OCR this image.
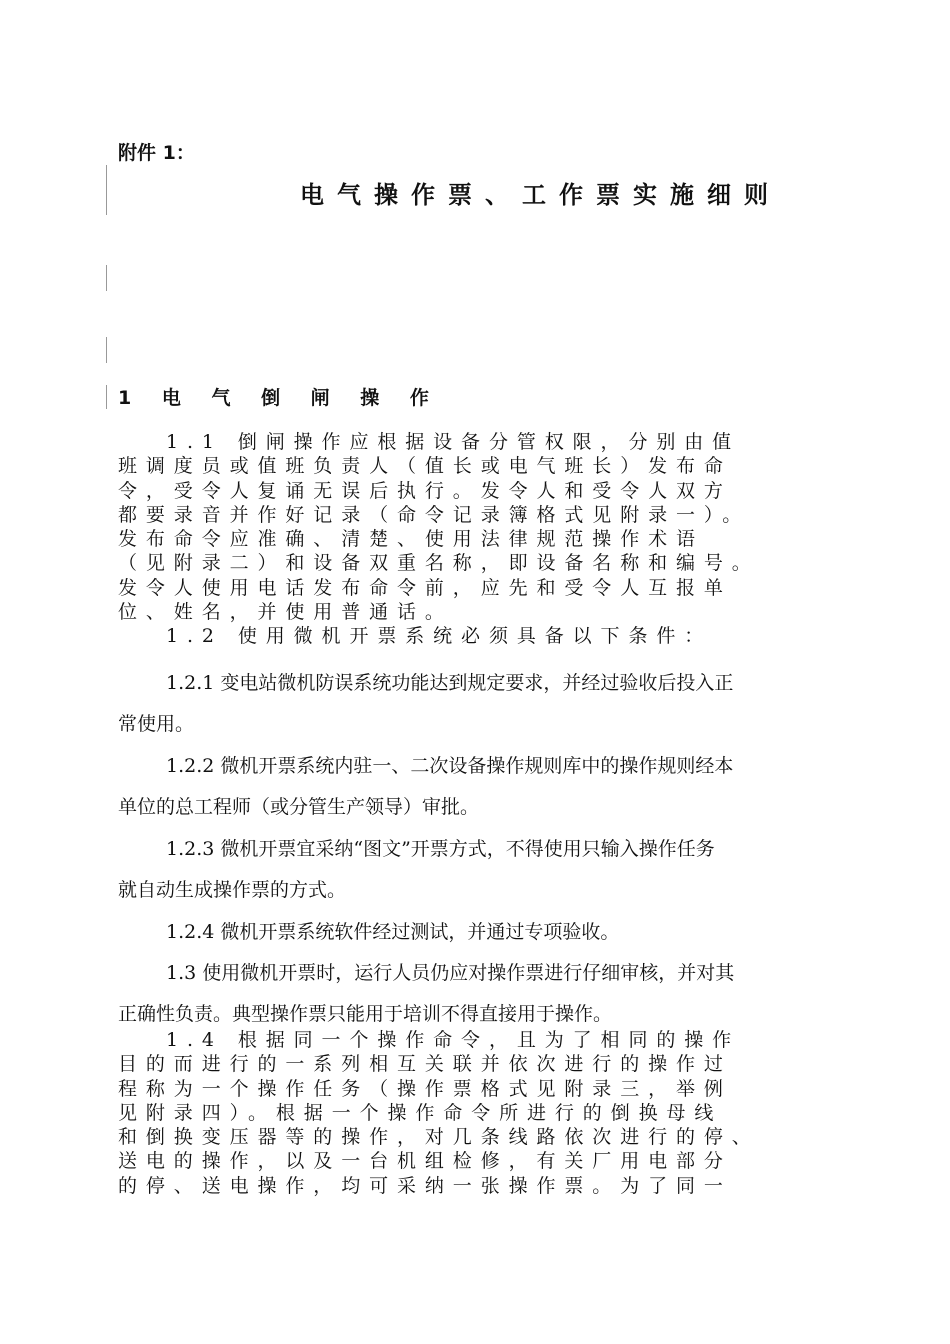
附件 1：
电气操作票、工作票实施细则
1 电 气 倒 闸 操 作
1.1 倒闸操作应根据设备分管权限，分别由值
班调度员或值班负责人（值长或电气班长）发布命
令，受令人复诵无误后执行。发令人和受令人双方
都要录音并作好记录（命令记录簿格式见附录一）。
发布命令应准确、清楚、使用法律规范操作术语
（见附录二）和设备双重名称，即设备名称和编号。
发令人使用电话发布命令前，应先和受令人互报单
位、姓名，并使用普通话。
1.2 使用微机开票系统必须具备以下条件：
1.2.1 变电站微机防误系统功能达到规定要求，并经过验收后投入正
常使用。
1.2.2 微机开票系统内驻一、二次设备操作规则库中的操作规则经本
单位的总工程师（或分管生产领导）审批。
1.2.3 微机开票宜采纳“图文”开票方式，不得使用只输入操作任务
就自动生成操作票的方式。
1.2.4 微机开票系统软件经过测试，并通过专项验收。
1.3 使用微机开票时，运行人员仍应对操作票进行仔细审核，并对其
正确性负责。典型操作票只能用于培训不得直接用于操作。
1.4 根据同一个操作命令，且为了相同的操作
目的而进行的一系列相互关联并依次进行的操作过
程称为一个操作任务（操作票格式见附录三，举例
见附录四）。根据一个操作命令所进行的倒换母线
和倒换变压器等的操作，对几条线路依次进行的停、
送电的操作，以及一台机组检修，有关厂用电部分
的停、送电操作，均可采纳一张操作票。为了同一
